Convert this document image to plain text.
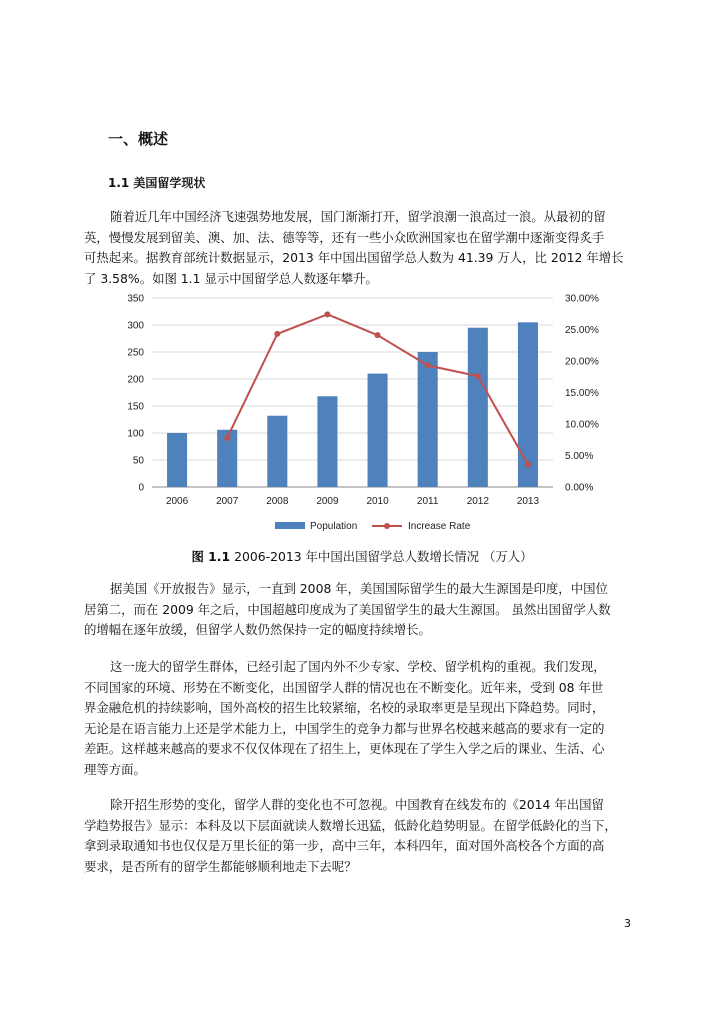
一、概述
1.1 美国留学现状
随着近几年中国经济飞速强势地发展，国门渐渐打开，留学浪潮一浪高过一浪。从最初的留
英，慢慢发展到留美、澳、加、法、德等等，还有一些小众欧洲国家也在留学潮中逐渐变得炙手
可热起来。据教育部统计数据显示，2013 年中国出国留学总人数为 41.39 万人，比 2012 年增长
了 3.58%。如图 1.1 显示中国留学总人数逐年攀升。
0
50
100
150
200
250
300
350
0.00%
5.00%
10.00%
15.00%
20.00%
25.00%
30.00%
2006	2007	2008	2009	2010	2011	2012	2013
Population	Increase Rate
图 1.1 2006-2013 年中国出国留学总人数增长情况 （万人）
据美国《开放报告》显示，一直到 2008 年，美国国际留学生的最大生源国是印度，中国位
居第二，而在 2009 年之后，中国超越印度成为了美国留学生的最大生源国。 虽然出国留学人数
的增幅在逐年放缓，但留学人数仍然保持一定的幅度持续增长。
这一庞大的留学生群体，已经引起了国内外不少专家、学校、留学机构的重视。我们发现，
不同国家的环境、形势在不断变化，出国留学人群的情况也在不断变化。近年来，受到 08 年世
界金融危机的持续影响，国外高校的招生比较紧缩，名校的录取率更是呈现出下降趋势。同时，
无论是在语言能力上还是学术能力上，中国学生的竞争力都与世界名校越来越高的要求有一定的
差距。这样越来越高的要求不仅仅体现在了招生上，更体现在了学生入学之后的课业、生活、心
理等方面。
除开招生形势的变化，留学人群的变化也不可忽视。中国教育在线发布的《2014 年出国留
学趋势报告》显示：本科及以下层面就读人数增长迅猛，低龄化趋势明显。在留学低龄化的当下，
拿到录取通知书也仅仅是万里长征的第一步，高中三年，本科四年，面对国外高校各个方面的高
要求，是否所有的留学生都能够顺利地走下去呢？
3
